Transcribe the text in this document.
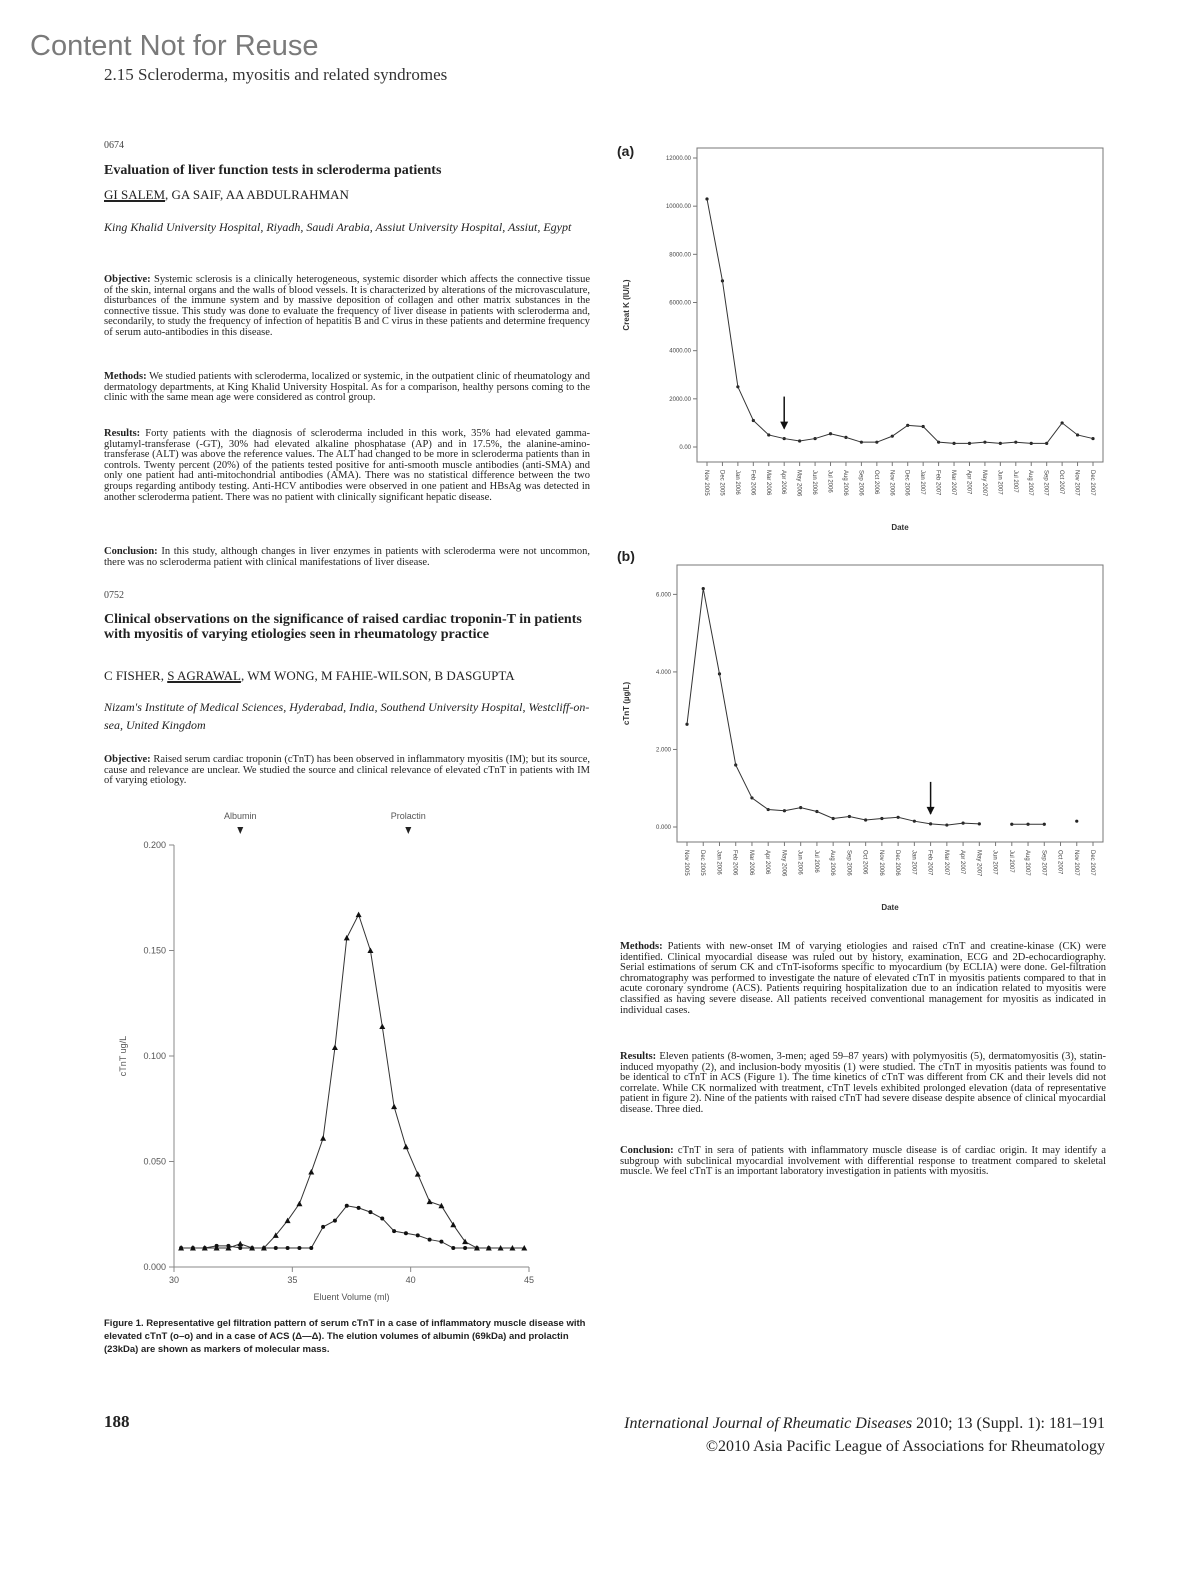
Content Not for Reuse
2.15 Scleroderma, myositis and related syndromes
0674
Evaluation of liver function tests in scleroderma patients
GI SALEM, GA SAIF, AA ABDULRAHMAN
King Khalid University Hospital, Riyadh, Saudi Arabia, Assiut University Hospital, Assiut, Egypt
Objective: Systemic sclerosis is a clinically heterogeneous, systemic disorder which affects the connective tissue of the skin, internal organs and the walls of blood vessels. It is characterized by alterations of the microvasculature, disturbances of the immune system and by massive deposition of collagen and other matrix substances in the connective tissue. This study was done to evaluate the frequency of liver disease in patients with scleroderma and, secondarily, to study the frequency of infection of hepatitis B and C virus in these patients and determine frequency of serum auto-antibodies in this disease.
Methods: We studied patients with scleroderma, localized or systemic, in the outpatient clinic of rheumatology and dermatology departments, at King Khalid University Hospital. As for a comparison, healthy persons coming to the clinic with the same mean age were considered as control group.
Results: Forty patients with the diagnosis of scleroderma included in this work, 35% had elevated gamma-glutamyl-transferase (-GT), 30% had elevated alkaline phosphatase (AP) and in 17.5%, the alanine-amino-transferase (ALT) was above the reference values. The ALT had changed to be more in scleroderma patients than in controls. Twenty percent (20%) of the patients tested positive for anti-smooth muscle antibodies (anti-SMA) and only one patient had anti-mitochondrial antibodies (AMA). There was no statistical difference between the two groups regarding antibody testing. Anti-HCV antibodies were observed in one patient and HBsAg was detected in another scleroderma patient. There was no patient with clinically significant hepatic disease.
Conclusion: In this study, although changes in liver enzymes in patients with scleroderma were not uncommon, there was no scleroderma patient with clinical manifestations of liver disease.
0752
Clinical observations on the significance of raised cardiac troponin-T in patients with myositis of varying etiologies seen in rheumatology practice
C FISHER, S AGRAWAL, WM WONG, M FAHIE-WILSON, B DASGUPTA
Nizam's Institute of Medical Sciences, Hyderabad, India, Southend University Hospital, Westcliff-on-sea, United Kingdom
Objective: Raised serum cardiac troponin (cTnT) has been observed in inflammatory myositis (IM); but its source, cause and relevance are unclear. We studied the source and clinical relevance of elevated cTnT in patients with IM of varying etiology.
0.000
0.050
0.100
0.150
0.200
30	35	40	45
Eluent Volume (ml)
cTnT ug/L
Albumin	Prolactin
Figure 1. Representative gel filtration pattern of serum cTnT in a case of inflammatory muscle disease with elevated cTnT (o–o) and in a case of ACS (Δ—Δ). The elution volumes of albumin (69kDa) and prolactin (23kDa) are shown as markers of molecular mass.
(a)
0.00
2000.00
4000.00
6000.00
8000.00
10000.00
12000.00
Nov 2005 Dec 2005 Jan 2006 Feb 2006 Mar 2006 Apr 2006 May 2006 Jun 2006 Jul 2006 Aug 2006 Sep 2006 Oct 2006 Nov 2006 Dec 2006 Jan 2007 Feb 2007 Mar 2007 Apr 2007 May 2007 Jun 2007 Jul 2007 Aug 2007 Sep 2007 Oct 2007 Nov 2007 Dec 2007
Date
Creat K (IU/L)
(b)
0.000
2.000
4.000
6.000
Nov 2005 Dec 2005 Jan 2006 Feb 2006 Mar 2006 Apr 2006 May 2006 Jun 2006 Jul 2006 Aug 2006 Sep 2006 Oct 2006 Nov 2006 Dec 2006 Jan 2007 Feb 2007 Mar 2007 Apr 2007 May 2007 Jun 2007 Jul 2007 Aug 2007 Sep 2007 Oct 2007 Nov 2007 Dec 2007
Date
cTnT (µg/L)
Methods: Patients with new-onset IM of varying etiologies and raised cTnT and creatine-kinase (CK) were identified. Clinical myocardial disease was ruled out by history, examination, ECG and 2D-echocardiography. Serial estimations of serum CK and cTnT-isoforms specific to myocardium (by ECLIA) were done. Gel-filtration chromatography was performed to investigate the nature of elevated cTnT in myositis patients compared to that in acute coronary syndrome (ACS). Patients requiring hospitalization due to an indication related to myositis were classified as having severe disease. All patients received conventional management for myositis as indicated in individual cases.
Results: Eleven patients (8-women, 3-men; aged 59–87 years) with polymyositis (5), dermatomyositis (3), statin-induced myopathy (2), and inclusion-body myositis (1) were studied. The cTnT in myositis patients was found to be identical to cTnT in ACS (Figure 1). The time kinetics of cTnT was different from CK and their levels did not correlate. While CK normalized with treatment, cTnT levels exhibited prolonged elevation (data of representative patient in figure 2). Nine of the patients with raised cTnT had severe disease despite absence of clinical myocardial disease. Three died.
Conclusion: cTnT in sera of patients with inflammatory muscle disease is of cardiac origin. It may identify a subgroup with subclinical myocardial involvement with differential response to treatment compared to skeletal muscle. We feel cTnT is an important laboratory investigation in patients with myositis.
188	International Journal of Rheumatic Diseases 2010; 13 (Suppl. 1): 181–191
©2010 Asia Pacific League of Associations for Rheumatology
